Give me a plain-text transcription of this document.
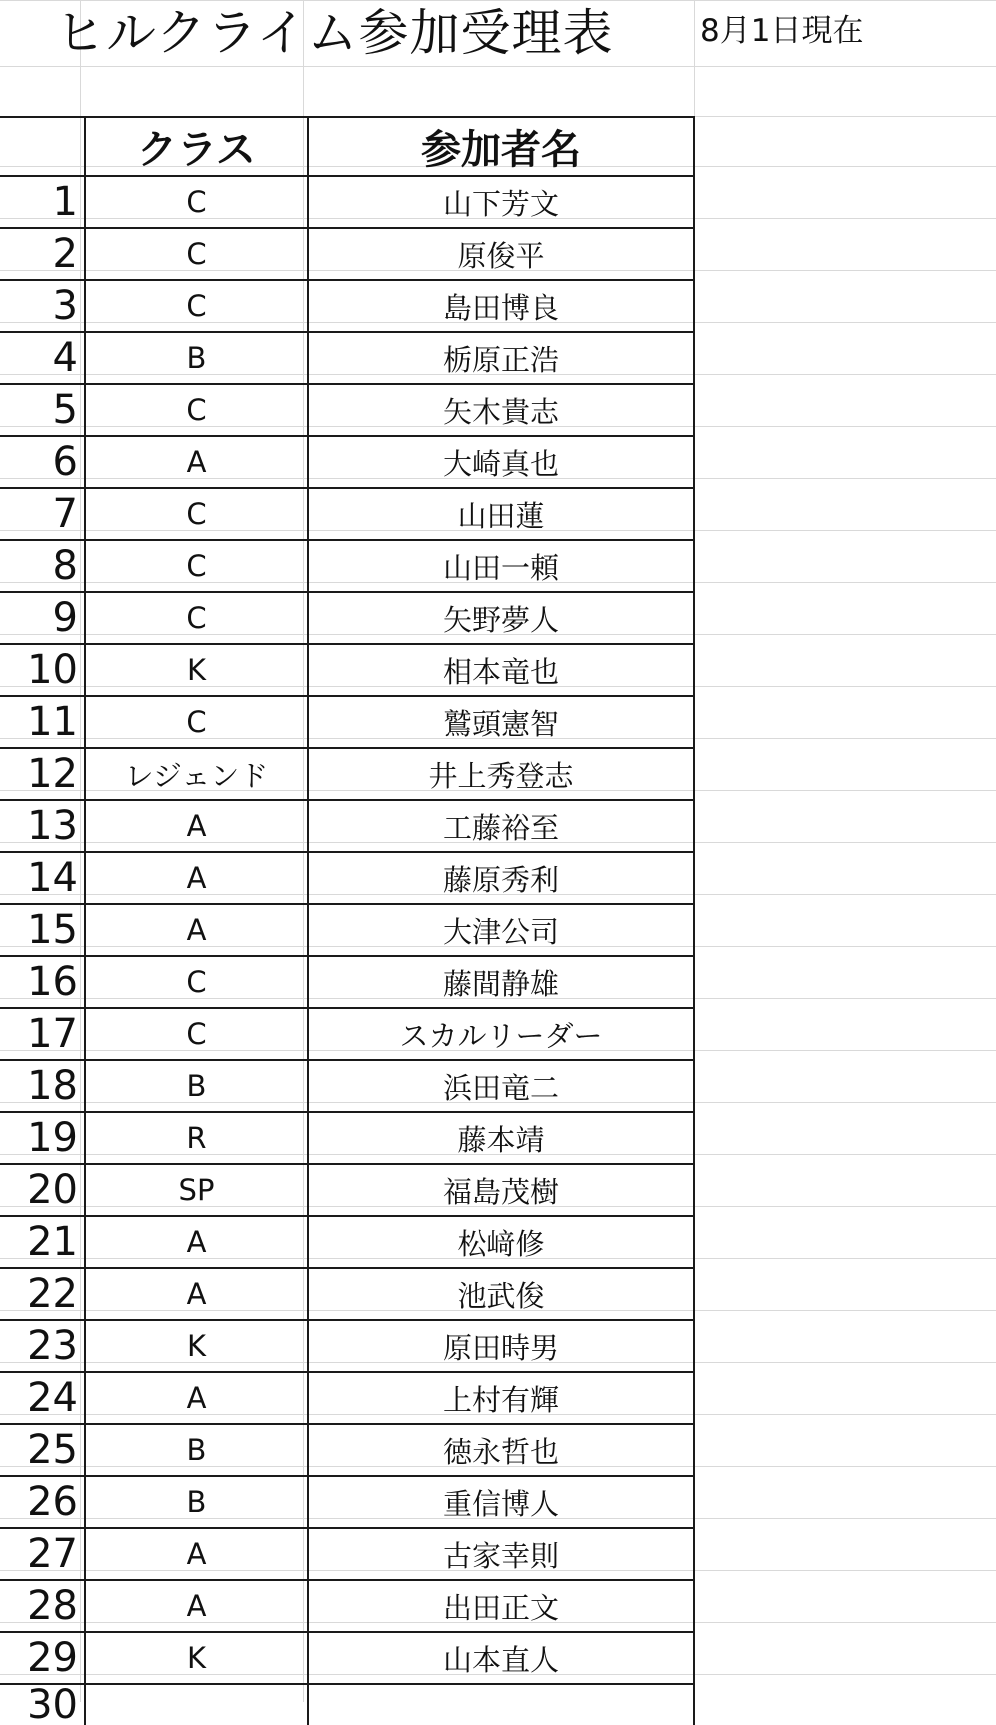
ヒルクライム参加受理表	8月1日現在
	クラス	参加者名
1	C	山下芳文
2	C	原俊平
3	C	島田博良
4	B	栃原正浩
5	C	矢木貴志
6	A	大崎真也
7	C	山田蓮
8	C	山田一頼
9	C	矢野夢人
10	K	相本竜也
11	C	鷲頭憲智
12	レジェンド	井上秀登志
13	A	工藤裕至
14	A	藤原秀利
15	A	大津公司
16	C	藤間静雄
17	C	スカルリーダー
18	B	浜田竜二
19	R	藤本靖
20	SP	福島茂樹
21	A	松﨑修
22	A	池武俊
23	K	原田時男
24	A	上村有輝
25	B	徳永哲也
26	B	重信博人
27	A	古家幸則
28	A	出田正文
29	K	山本直人
30		
